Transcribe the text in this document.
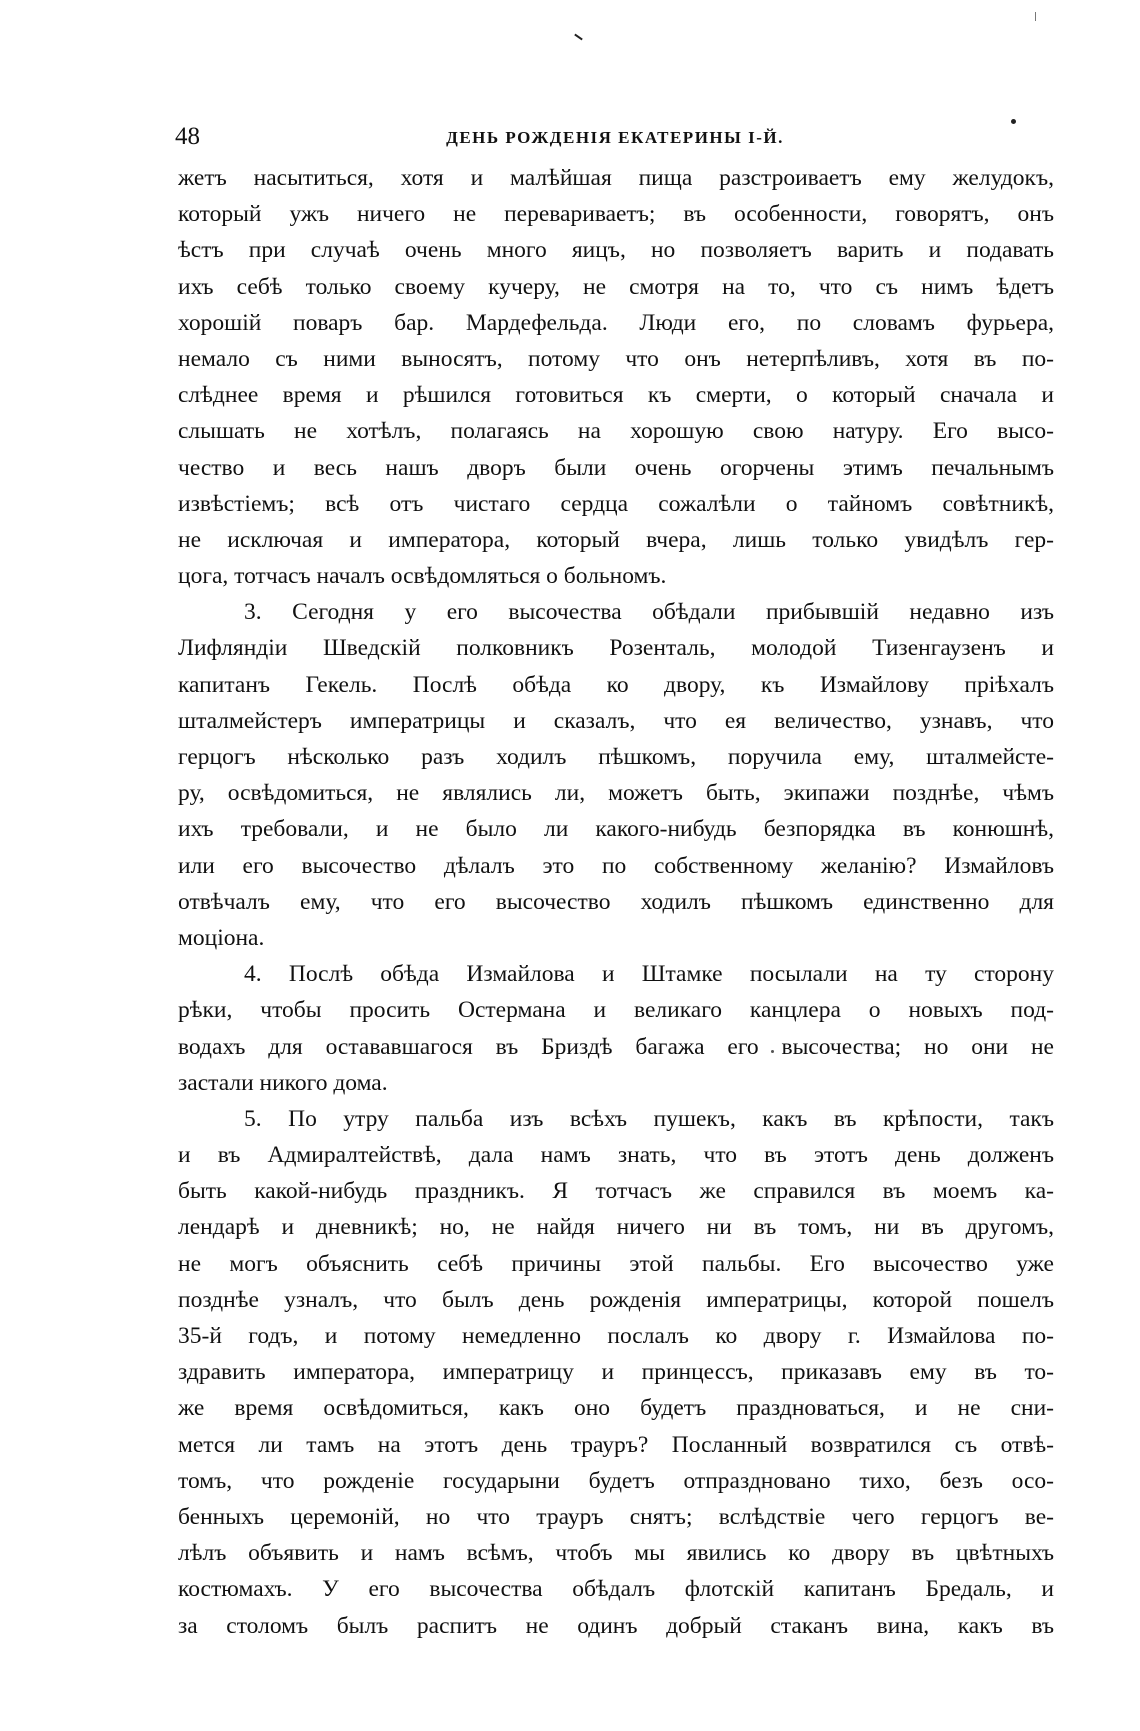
48	ДЕНЬ РОЖДЕНІЯ ЕКАТЕРИНЫ І-Й.
жетъ насытиться, хотя и малѣйшая пища разстроиваетъ ему желудокъ,
который ужъ ничего не перевариваетъ; въ особенности, говорятъ, онъ
ѣстъ при случаѣ очень много яицъ, но позволяетъ варить и подавать
ихъ себѣ только своему кучеру, не смотря на то, что съ нимъ ѣдетъ
хорошій поваръ бар. Мардефельда. Люди его, по словамъ фурьера,
немало съ ними выносятъ, потому что онъ нетерпѣливъ, хотя въ по-
слѣднее время и рѣшился готовиться къ смерти, о который сначала и
слышать не хотѣлъ, полагаясь на хорошую свою натуру. Его высо-
чество и весь нашъ дворъ были очень огорчены этимъ печальнымъ
извѣстіемъ; всѣ отъ чистаго сердца сожалѣли о тайномъ совѣтникѣ,
не исключая и императора, который вчера, лишь только увидѣлъ гер-
цога, тотчасъ началъ освѣдомляться о больномъ.
3. Сегодня у его высочества обѣдали прибывшій недавно изъ
Лифляндіи Шведскій полковникъ Розенталь, молодой Тизенгаузенъ и
капитанъ Гекель. Послѣ обѣда ко двору, къ Измайлову пріѣхалъ
шталмейстеръ императрицы и сказалъ, что ея величество, узнавъ, что
герцогъ нѣсколько разъ ходилъ пѣшкомъ, поручила ему, шталмейсте-
ру, освѣдомиться, не являлись ли, можетъ быть, экипажи позднѣе, чѣмъ
ихъ требовали, и не было ли какого-нибудь безпорядка въ конюшнѣ,
или его высочество дѣлалъ это по собственному желанію? Измайловъ
отвѣчалъ ему, что его высочество ходилъ пѣшкомъ единственно для
моціона.
4. Послѣ обѣда Измайлова и Штамке посылали на ту сторону
рѣки, чтобы просить Остермана и великаго канцлера о новыхъ под-
водахъ для остававшагося въ Бриздѣ багажа его высочества; но они не
застали никого дома.
5. По утру пальба изъ всѣхъ пушекъ, какъ въ крѣпости, такъ
и въ Адмиралтействѣ, дала намъ знать, что въ этотъ день долженъ
быть какой-нибудь праздникъ. Я тотчасъ же справился въ моемъ ка-
лендарѣ и дневникѣ; но, не найдя ничего ни въ томъ, ни въ другомъ,
не могъ объяснить себѣ причины этой пальбы. Его высочество уже
позднѣе узналъ, что былъ день рожденія императрицы, которой пошелъ
35-й годъ, и потому немедленно послалъ ко двору г. Измайлова по-
здравить императора, императрицу и принцессъ, приказавъ ему въ то-
же время освѣдомиться, какъ оно будетъ праздноваться, и не сни-
мется ли тамъ на этотъ день трауръ? Посланный возвратился съ отвѣ-
томъ, что рожденіе государыни будетъ отпраздновано тихо, безъ осо-
бенныхъ церемоній, но что трауръ снятъ; вслѣдствіе чего герцогъ ве-
лѣлъ объявить и намъ всѣмъ, чтобъ мы явились ко двору въ цвѣтныхъ
костюмахъ. У его высочества обѣдалъ флотскій капитанъ Бредаль, и
за столомъ былъ распитъ не одинъ добрый стаканъ вина, какъ въ
